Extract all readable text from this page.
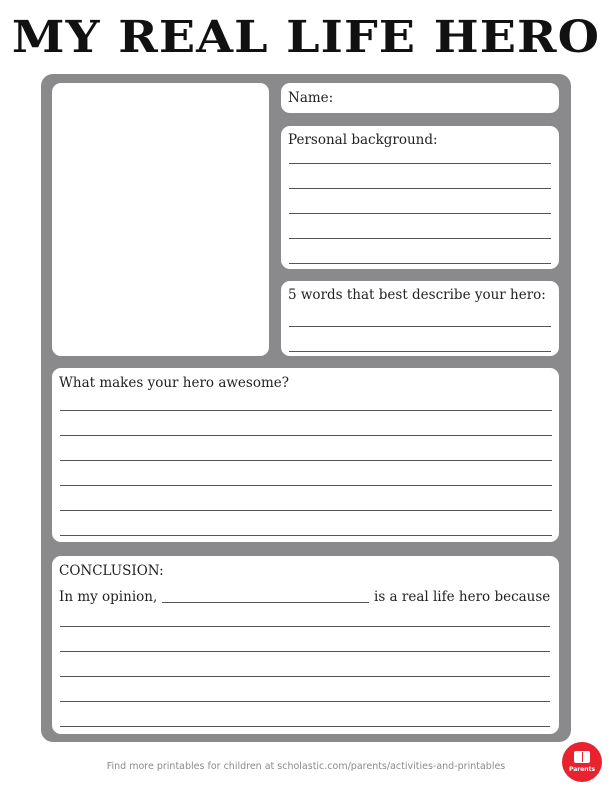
MY REAL LIFE HERO
Name:
Personal background:
5 words that best describe your hero:
What makes your hero awesome?
CONCLUSION:
In my opinion,	is a real life hero because
Find more printables for children at scholastic.com/parents/activities-and-printables	Parents
